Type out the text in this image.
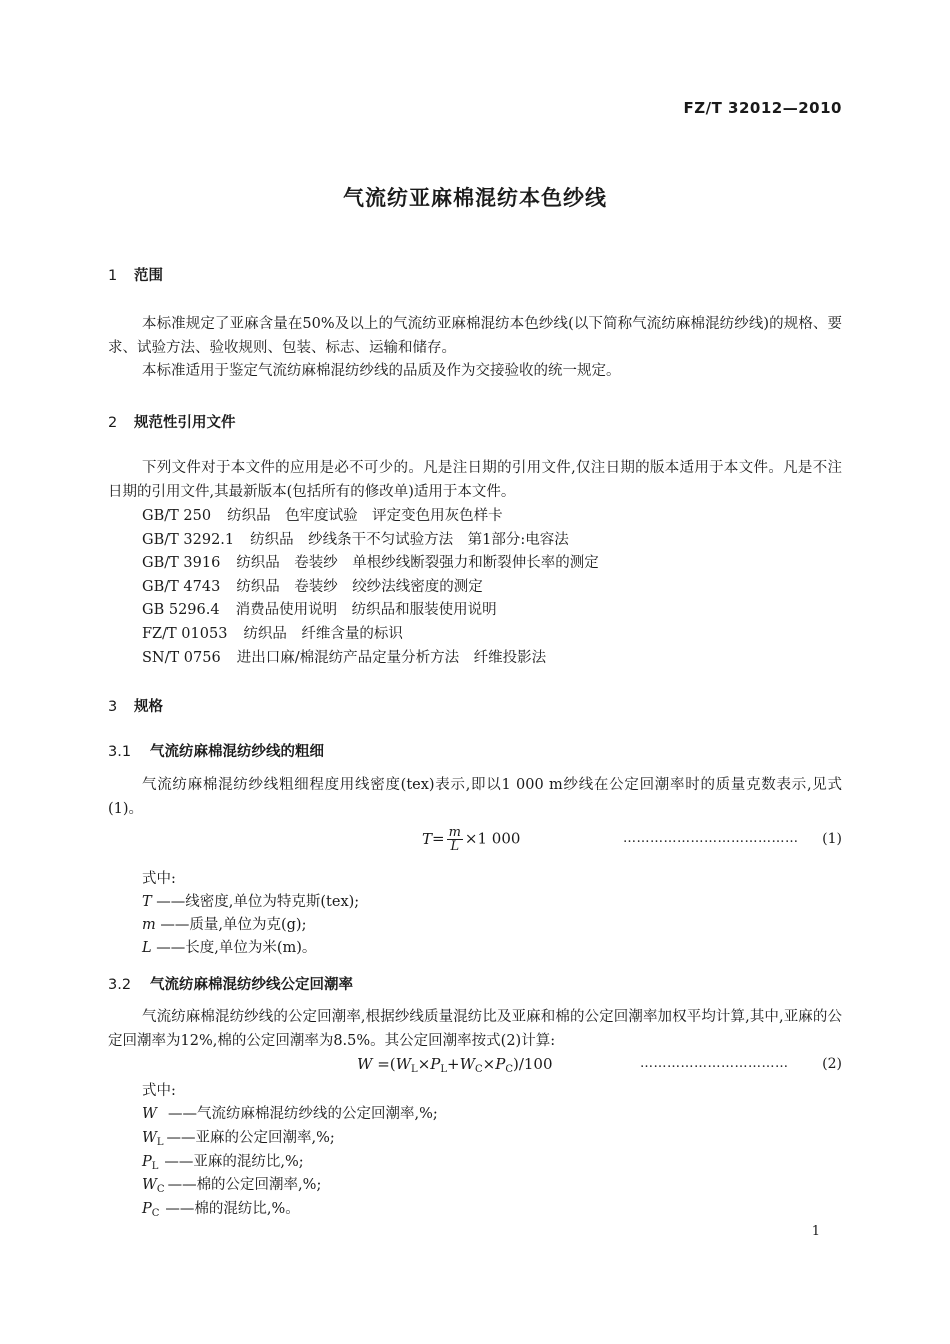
FZ/T 32012—2010
气流纺亚麻棉混纺本色纱线
1 范围

本标准规定了亚麻含量在50%及以上的气流纺亚麻棉混纺本色纱线(以下简称气流纺麻棉混纺纱线)的规格、要求、试验方法、验收规则、包装、标志、运输和储存。

本标准适用于鉴定气流纺麻棉混纺纱线的品质及作为交接验收的统一规定。

2 规范性引用文件

下列文件对于本文件的应用是必不可少的。凡是注日期的引用文件,仅注日期的版本适用于本文件。凡是不注日期的引用文件,其最新版本(包括所有的修改单)适用于本文件。

GB/T 250 纺织品　色牢度试验　评定变色用灰色样卡
GB/T 3292.1 纺织品　纱线条干不匀试验方法　第1部分:电容法
GB/T 3916 纺织品　卷装纱　单根纱线断裂强力和断裂伸长率的测定
GB/T 4743 纺织品　卷装纱　绞纱法线密度的测定
GB 5296.4 消费品使用说明　纺织品和服装使用说明
FZ/T 01053 纺织品　纤维含量的标识
SN/T 0756 进出口麻/棉混纺产品定量分析方法　纤维投影法
3 规格
3.1 气流纺麻棉混纺纱线的粗细

气流纺麻棉混纺纱线粗细程度用线密度(tex)表示,即以1 000 m纱线在公定回潮率时的质量克数表示,见式(1)。

$T= \frac{m}{L} \times 1$ 000	………………………………… (1)
式中:
T ——线密度,单位为特克斯(tex);
m ——质量,单位为克(g);
L ——长度,单位为米(m)。
3.2 气流纺麻棉混纺纱线公定回潮率

气流纺麻棉混纺纱线的公定回潮率,根据纱线质量混纺比及亚麻和棉的公定回潮率加权平均计算,其中,亚麻的公定回潮率为12%,棉的公定回潮率为8.5%。其公定回潮率按式(2)计算:

$W =(W_L\times P_L+W_C\times P_C)/100$	…………………………… (2)
式中:
W ——气流纺麻棉混纺纱线的公定回潮率,%;
$W_L$ ——亚麻的公定回潮率,%;
$P_L$ ——亚麻的混纺比,%;
$W_C$ ——棉的公定回潮率,%;
$P_C$ ——棉的混纺比,%。
1
